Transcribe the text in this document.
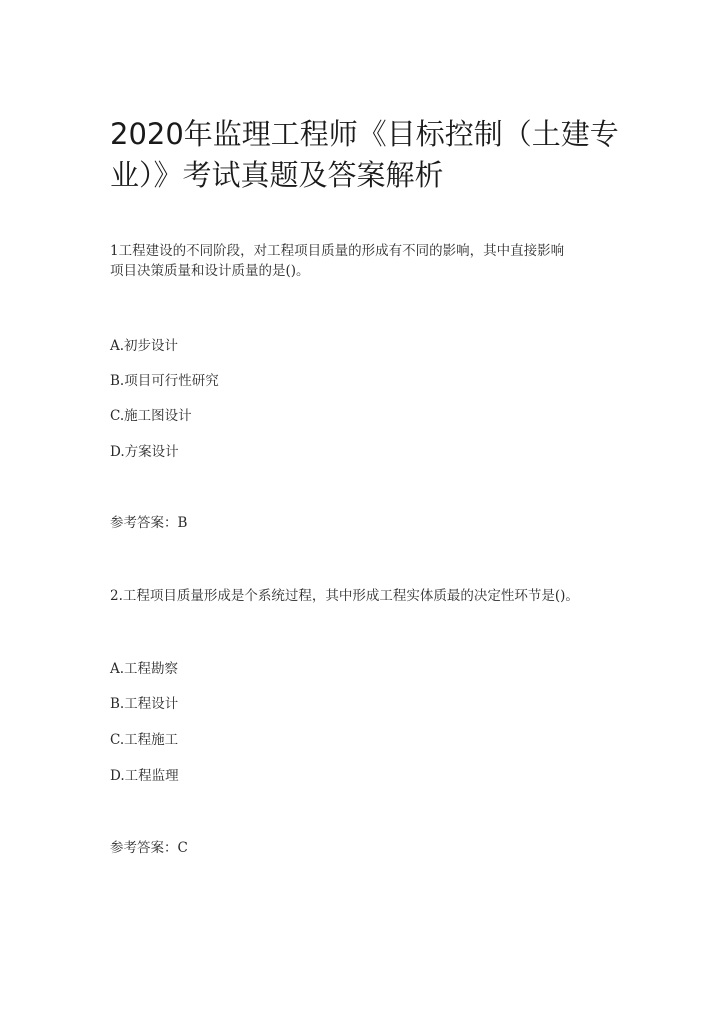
2020年监理工程师《目标控制（土建专
业）》考试真题及答案解析

1工程建设的不同阶段，对工程项目质量的形成有不同的影响，其中直接影响
项目决策质量和设计质量的是()。

A.初步设计

B.项目可行性研究

C.施工图设计

D.方案设计

参考答案：B

2.工程项目质量形成是个系统过程，其中形成工程实体质最的决定性环节是()。

A.工程勘察

B.工程设计

C.工程施工

D.工程监理

参考答案：C
